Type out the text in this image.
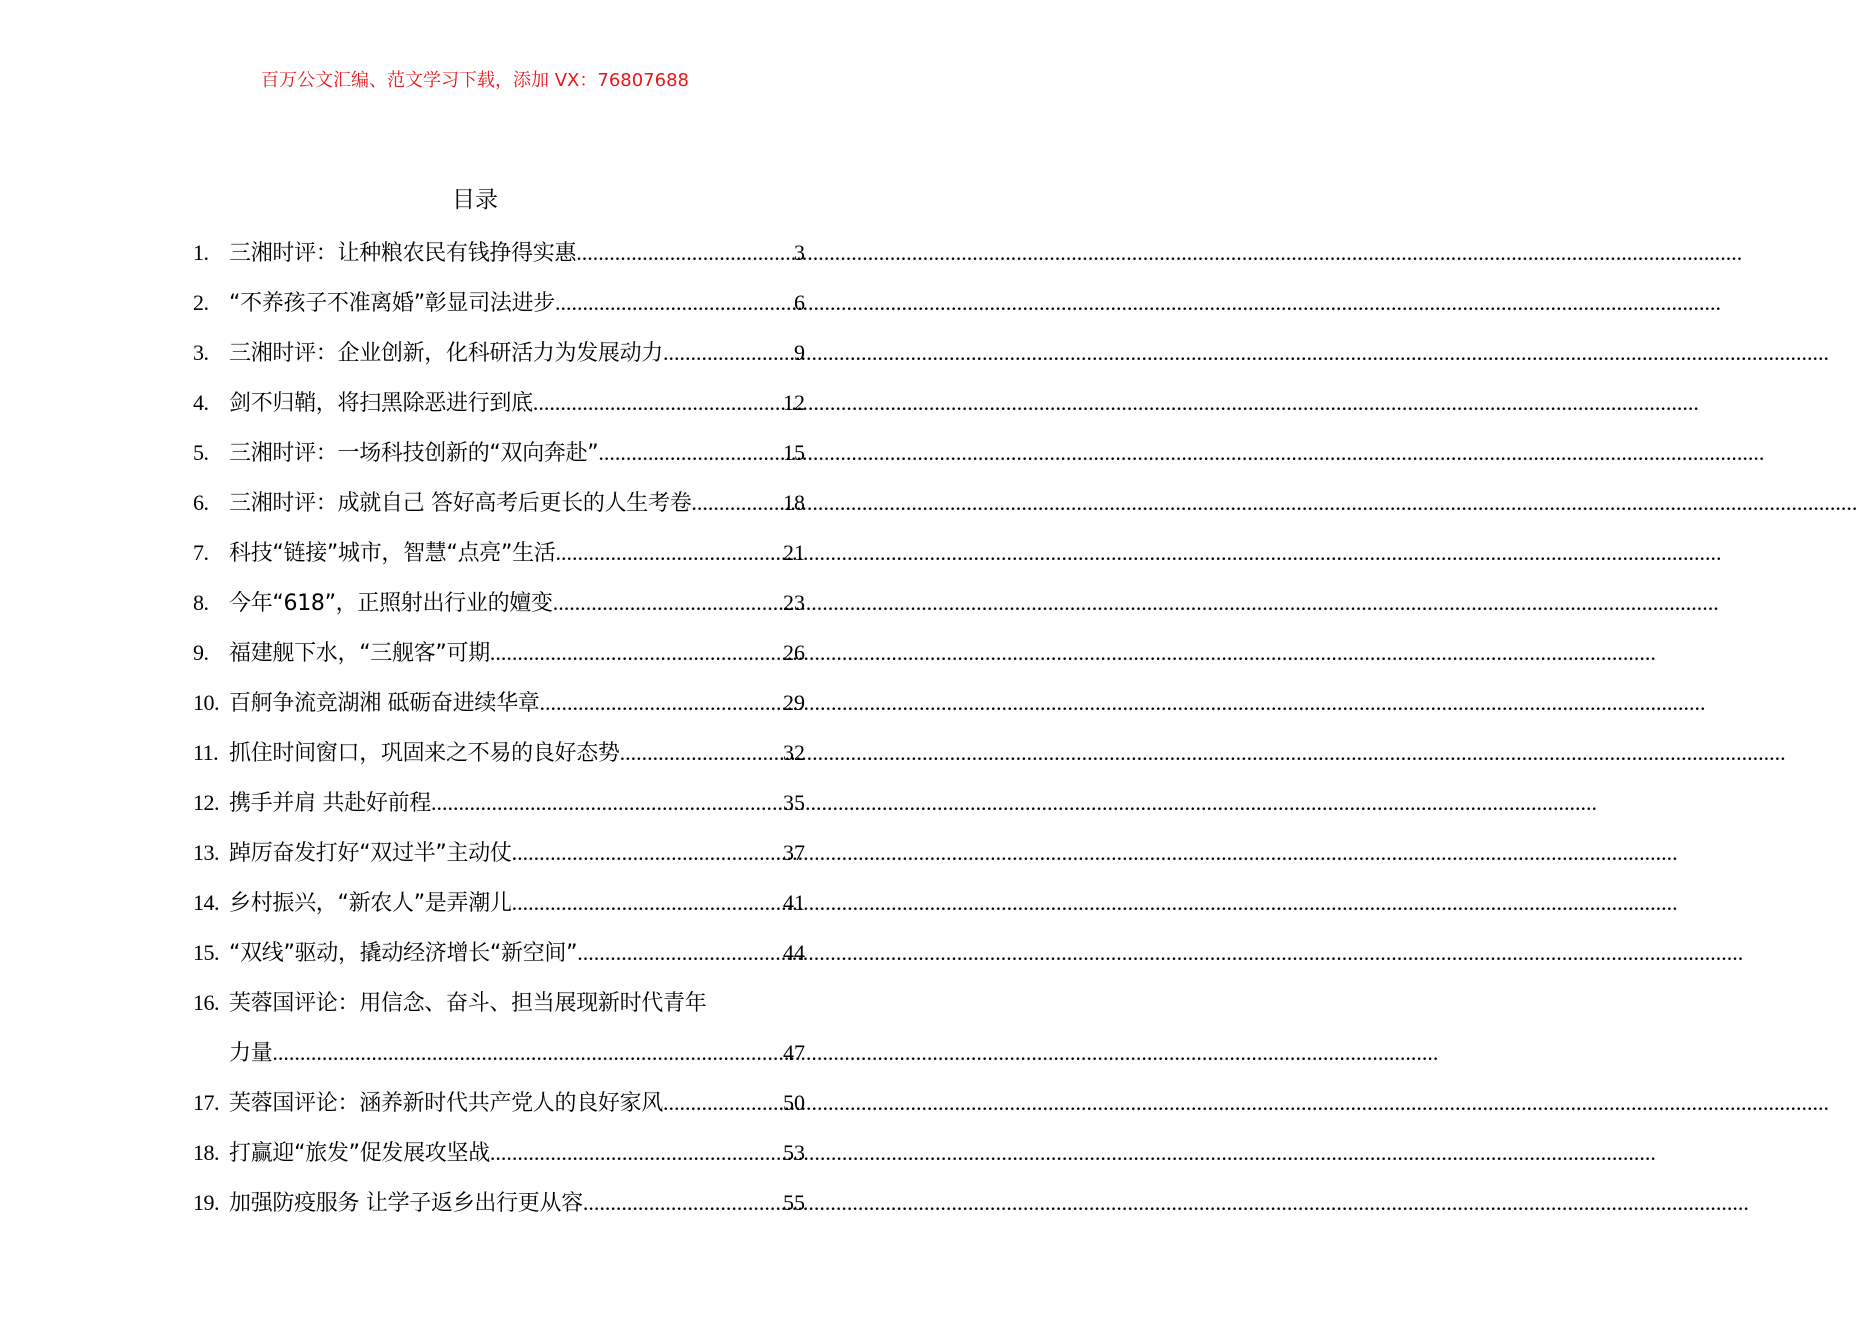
百万公文汇编、范文学习下载，添加 VX：76807688
目录
1. 三湘时评：让种粮农民有钱挣得实惠 .....	3
2. “不养孩子不准离婚”彰显司法进步 .....	6
3. 三湘时评：企业创新，化科研活力为发展动力 .....	9
4. 剑不归鞘，将扫黑除恶进行到底 .....	12
5. 三湘时评：一场科技创新的“双向奔赴” .....	15
6. 三湘时评：成就自己 答好高考后更长的人生考卷 .....	18
7. 科技“链接”城市，智慧“点亮”生活 .....	21
8. 今年“618”，正照射出行业的嬗变 .....	23
9. 福建舰下水，“三舰客”可期 .....	26
10. 百舸争流竞湖湘 砥砺奋进续华章 .....	29
11. 抓住时间窗口，巩固来之不易的良好态势 .....	32
12. 携手并肩 共赴好前程 .....	35
13. 踔厉奋发打好“双过半”主动仗 .....	37
14. 乡村振兴，“新农人”是弄潮儿 .....	41
15. “双线”驱动，撬动经济增长“新空间” .....	44
16. 芙蓉国评论：用信念、奋斗、担当展现新时代青年
力量 .....	47
17. 芙蓉国评论：涵养新时代共产党人的良好家风 .....	50
18. 打赢迎“旅发”促发展攻坚战 .....	53
19. 加强防疫服务 让学子返乡出行更从容 .....	55
